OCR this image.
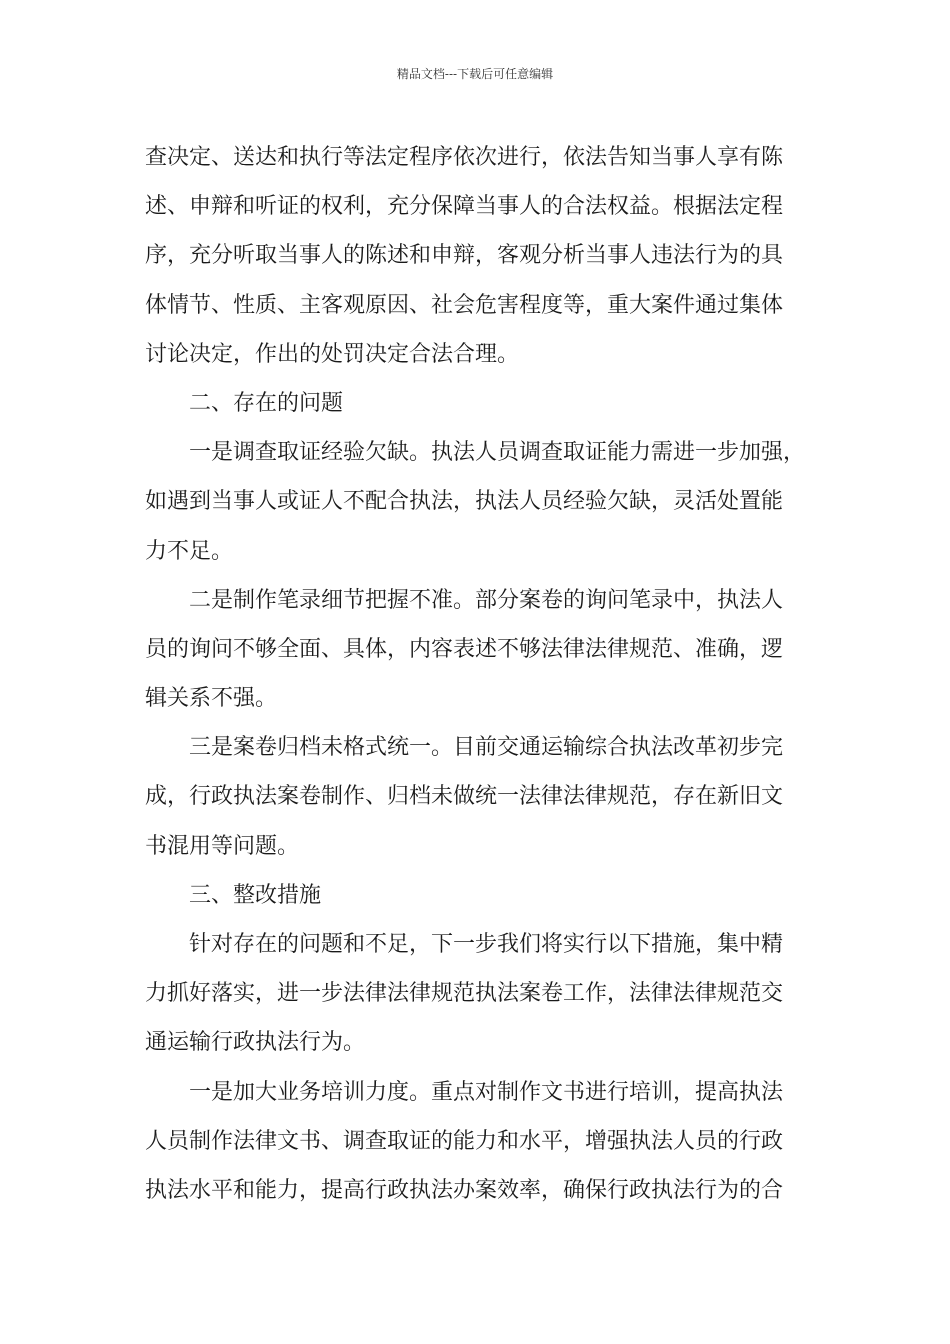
精品文档---下载后可任意编辑
查决定、送达和执行等法定程序依次进行，依法告知当事人享有陈
述、申辩和听证的权利，充分保障当事人的合法权益。根据法定程
序，充分听取当事人的陈述和申辩，客观分析当事人违法行为的具
体情节、性质、主客观原因、社会危害程度等，重大案件通过集体
讨论决定，作出的处罚决定合法合理。
二、存在的问题
一是调查取证经验欠缺。执法人员调查取证能力需进一步加强，
如遇到当事人或证人不配合执法，执法人员经验欠缺，灵活处置能
力不足。
二是制作笔录细节把握不准。部分案卷的询问笔录中，执法人
员的询问不够全面、具体，内容表述不够法律法律规范、准确，逻
辑关系不强。
三是案卷归档未格式统一。目前交通运输综合执法改革初步完
成，行政执法案卷制作、归档未做统一法律法律规范，存在新旧文
书混用等问题。
三、整改措施
针对存在的问题和不足，下一步我们将实行以下措施，集中精
力抓好落实，进一步法律法律规范执法案卷工作，法律法律规范交
通运输行政执法行为。
一是加大业务培训力度。重点对制作文书进行培训，提高执法
人员制作法律文书、调查取证的能力和水平，增强执法人员的行政
执法水平和能力，提高行政执法办案效率，确保行政执法行为的合
